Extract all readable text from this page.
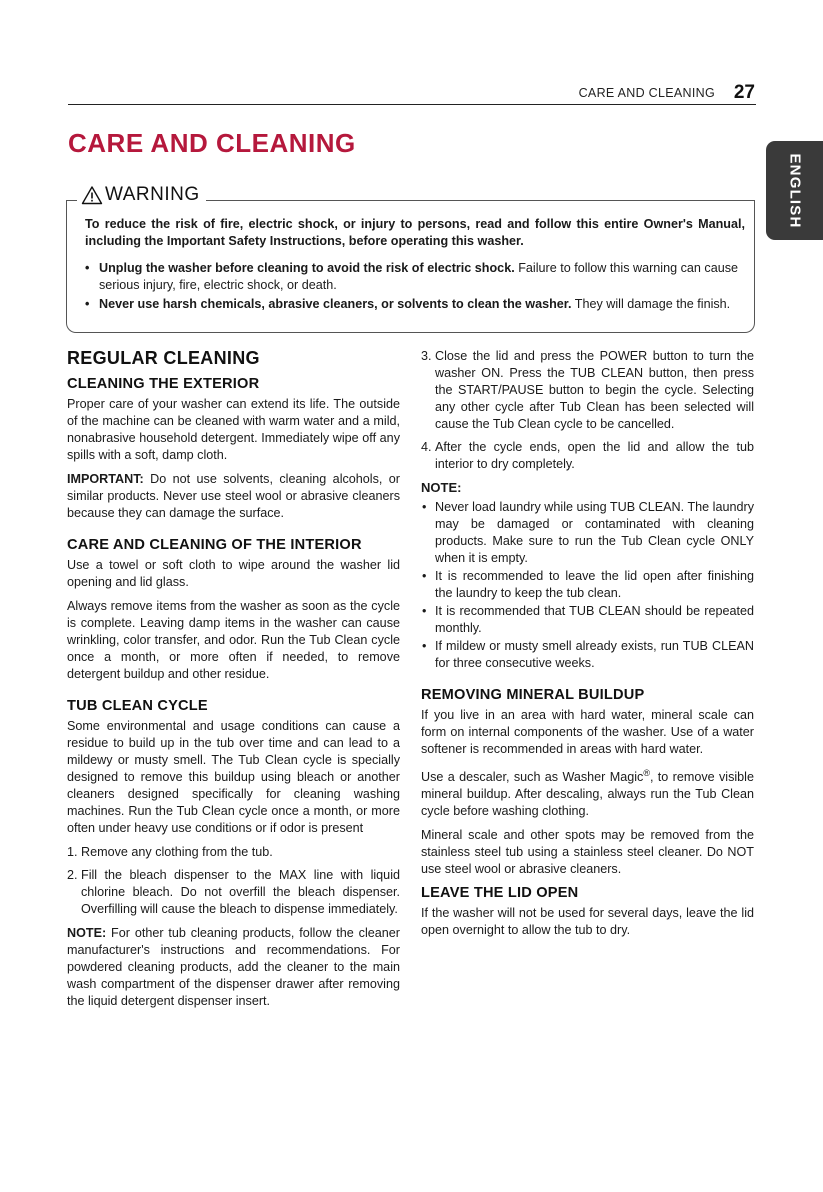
CARE AND CLEANING 27
ENGLISH
CARE AND CLEANING
WARNING

To reduce the risk of fire, electric shock, or injury to persons, read and follow this entire Owner's Manual, including the Important Safety Instructions, before operating this washer.

• Unplug the washer before cleaning to avoid the risk of electric shock. Failure to follow this warning can cause serious injury, fire, electric shock, or death.
• Never use harsh chemicals, abrasive cleaners, or solvents to clean the washer. They will damage the finish.
REGULAR CLEANING
CLEANING THE EXTERIOR

Proper care of your washer can extend its life. The outside of the machine can be cleaned with warm water and a mild, nonabrasive household detergent. Immediately wipe off any spills with a soft, damp cloth.

IMPORTANT: Do not use solvents, cleaning alcohols, or similar products. Never use steel wool or abrasive cleaners because they can damage the surface.

CARE AND CLEANING OF THE INTERIOR

Use a towel or soft cloth to wipe around the washer lid opening and lid glass.

Always remove items from the washer as soon as the cycle is complete. Leaving damp items in the washer can cause wrinkling, color transfer, and odor. Run the Tub Clean cycle once a month, or more often if needed, to remove detergent buildup and other residue.

TUB CLEAN CYCLE

Some environmental and usage conditions can cause a residue to build up in the tub over time and can lead to a mildewy or musty smell. The Tub Clean cycle is specially designed to remove this buildup using bleach or another cleaners designed specifically for cleaning washing machines. Run the Tub Clean cycle once a month, or more often under heavy use conditions or if odor is present

1. Remove any clothing from the tub.
2. Fill the bleach dispenser to the MAX line with liquid chlorine bleach. Do not overfill the bleach dispenser. Overfilling will cause the bleach to dispense immediately.

NOTE: For other tub cleaning products, follow the cleaner manufacturer's instructions and recommendations. For powdered cleaning products, add the cleaner to the main wash compartment of the dispenser drawer after removing the liquid detergent dispenser insert.

3. Close the lid and press the POWER button to turn the washer ON. Press the TUB CLEAN button, then press the START/PAUSE button to begin the cycle. Selecting any other cycle after Tub Clean has been selected will cause the Tub Clean cycle to be cancelled.
4. After the cycle ends, open the lid and allow the tub interior to dry completely.
NOTE:
• Never load laundry while using TUB CLEAN. The laundry may be damaged or contaminated with cleaning products. Make sure to run the Tub Clean cycle ONLY when it is empty.
• It is recommended to leave the lid open after finishing the laundry to keep the tub clean.
• It is recommended that TUB CLEAN should be repeated monthly.
• If mildew or musty smell already exists, run TUB CLEAN for three consecutive weeks.
REMOVING MINERAL BUILDUP

If you live in an area with hard water, mineral scale can form on internal components of the washer. Use of a water softener is recommended in areas with hard water.

Use a descaler, such as Washer Magic®, to remove visible mineral buildup. After descaling, always run the Tub Clean cycle before washing clothing.

Mineral scale and other spots may be removed from the stainless steel tub using a stainless steel cleaner. Do NOT use steel wool or abrasive cleaners.

LEAVE THE LID OPEN

If the washer will not be used for several days, leave the lid open overnight to allow the tub to dry.
